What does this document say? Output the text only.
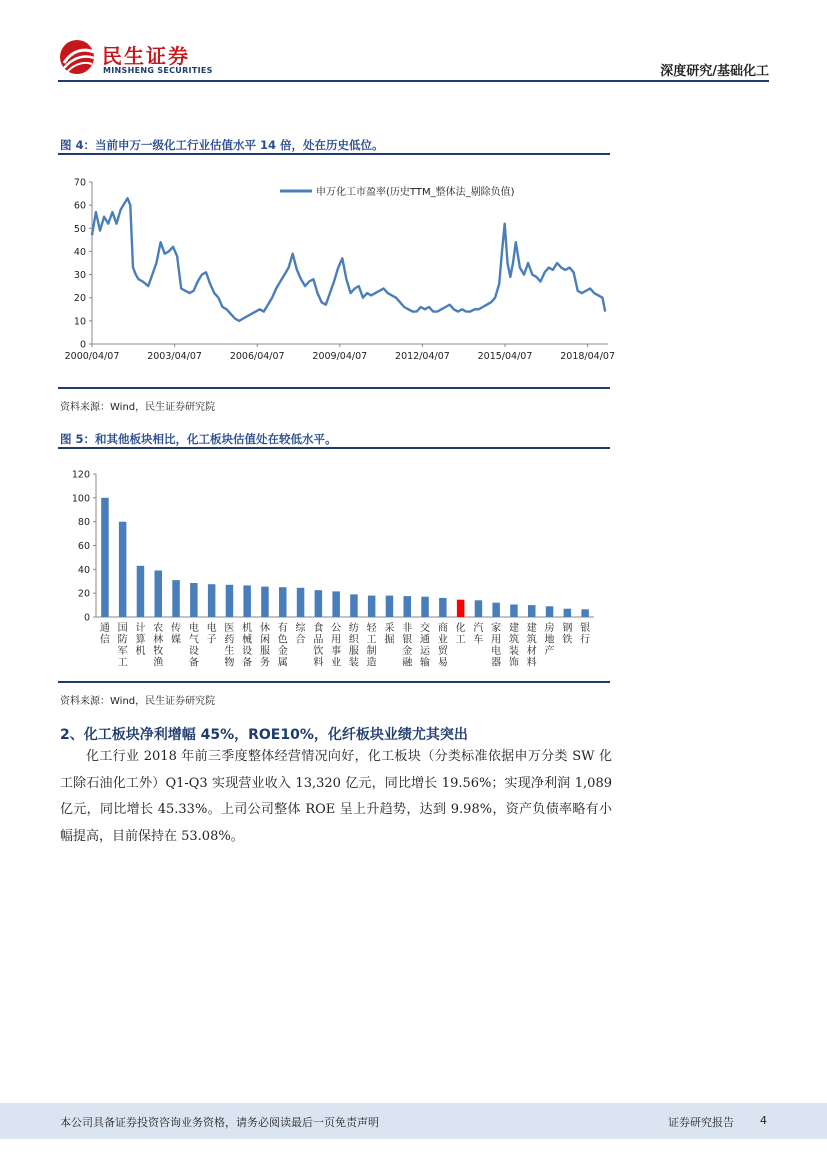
民生证券
MINSHENG SECURITIES	深度研究/基础化工
图 4：当前申万一级化工行业估值水平 14 倍，处在历史低位。
0
10
20
30
40
50
60
70
2000/04/07	2003/04/07	2006/04/07	2009/04/07	2012/04/07	2015/04/07	2018/04/07
申万化工市盈率(历史TTM_整体法_剔除负值)
资料来源：Wind，民生证券研究院
图 5：和其他板块相比，化工板块估值处在较低水平。
0
20
40
60
80
100
120
通
信
国
防
军
工
计
算
机
农
林
牧
渔
传
媒
电
气
设
备
电
子
医
药
生
物
机
械
设
备
休
闲
服
务
有
色
金
属
综
合
食
品
饮
料
公
用
事
业
纺
织
服
装
轻
工
制
造
采
掘
非
银
金
融
交
通
运
输
商
业
贸
易
化
工
汽
车
家
用
电
器
建
筑
装
饰
建
筑
材
料
房
地
产
钢
铁
银
行
资料来源：Wind，民生证券研究院
2、化工板块净利增幅 45%，ROE10%，化纤板块业绩尤其突出
化工行业 2018 年前三季度整体经营情况向好，化工板块（分类标准依据申万分类 SW 化工除石油化工外）Q1-Q3 实现营业收入 13,320 亿元，同比增长 19.56%；实现净利润 1,089 亿元，同比增长 45.33%。上司公司整体 ROE 呈上升趋势，达到 9.98%，资产负债率略有小幅提高，目前保持在 53.08%。
本公司具备证券投资咨询业务资格，请务必阅读最后一页免责声明	证券研究报告 4
